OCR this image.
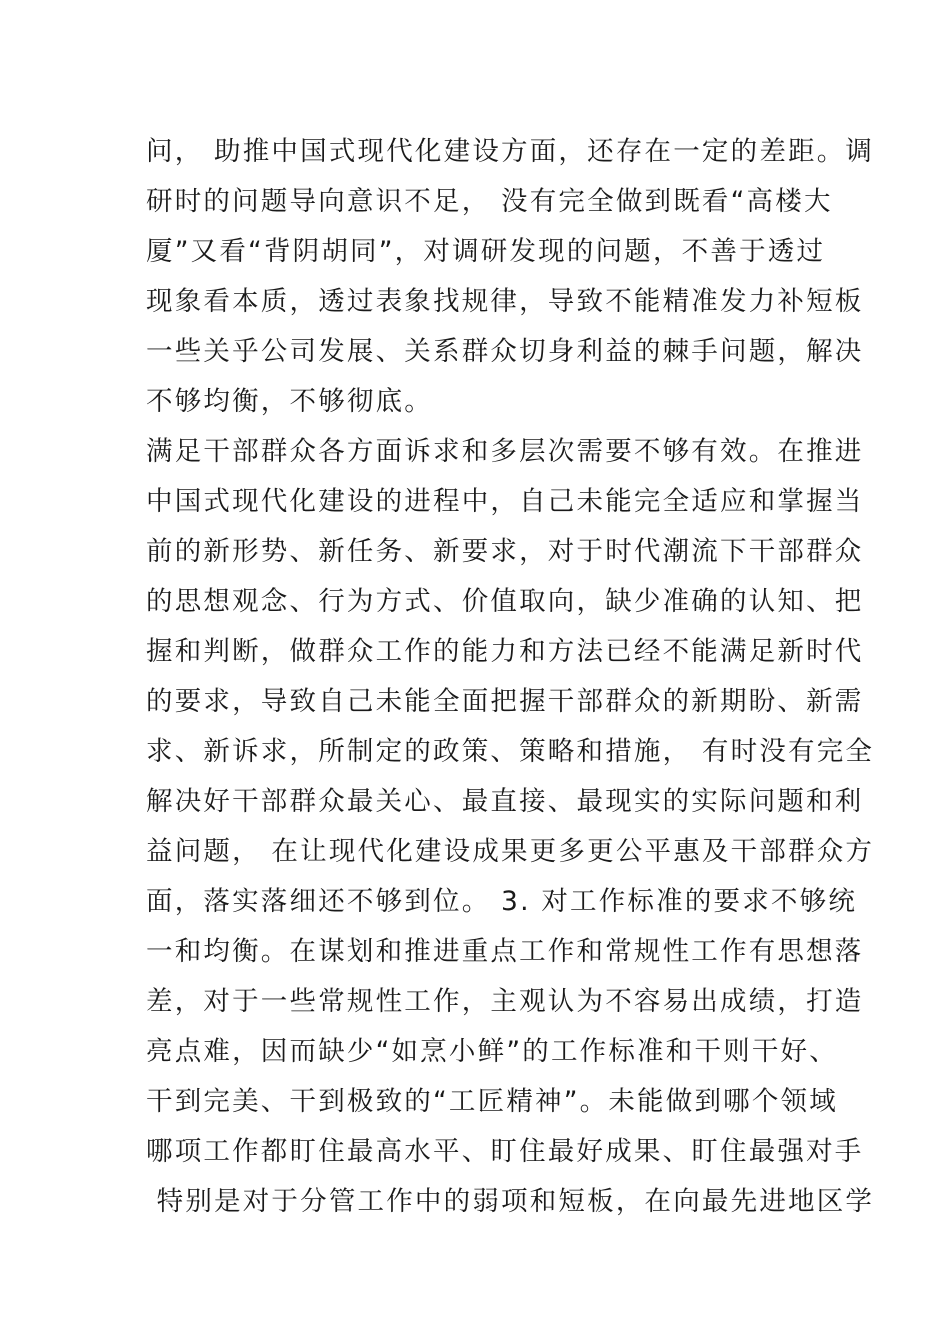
问， 助推中国式现代化建设方面，还存在一定的差距。调
研时的问题导向意识不足， 没有完全做到既看“高楼大
厦”又看“背阴胡同”，对调研发现的问题，不善于透过
现象看本质，透过表象找规律，导致不能精准发力补短板
一些关乎公司发展、关系群众切身利益的棘手问题，解决
不够均衡，不够彻底。
满足干部群众各方面诉求和多层次需要不够有效。在推进
中国式现代化建设的进程中，自己未能完全适应和掌握当
前的新形势、新任务、新要求，对于时代潮流下干部群众
的思想观念、行为方式、价值取向，缺少准确的认知、把
握和判断，做群众工作的能力和方法已经不能满足新时代
的要求，导致自己未能全面把握干部群众的新期盼、新需
求、新诉求，所制定的政策、策略和措施， 有时没有完全
解决好干部群众最关心、最直接、最现实的实际问题和利
益问题， 在让现代化建设成果更多更公平惠及干部群众方
面，落实落细还不够到位。 3. 对工作标准的要求不够统
一和均衡。在谋划和推进重点工作和常规性工作有思想落
差，对于一些常规性工作，主观认为不容易出成绩，打造
亮点难，因而缺少“如烹小鲜”的工作标准和干则干好、
干到完美、干到极致的“工匠精神”。未能做到哪个领域
哪项工作都盯住最高水平、盯住最好成果、盯住最强对手
特别是对于分管工作中的弱项和短板，在向最先进地区学
